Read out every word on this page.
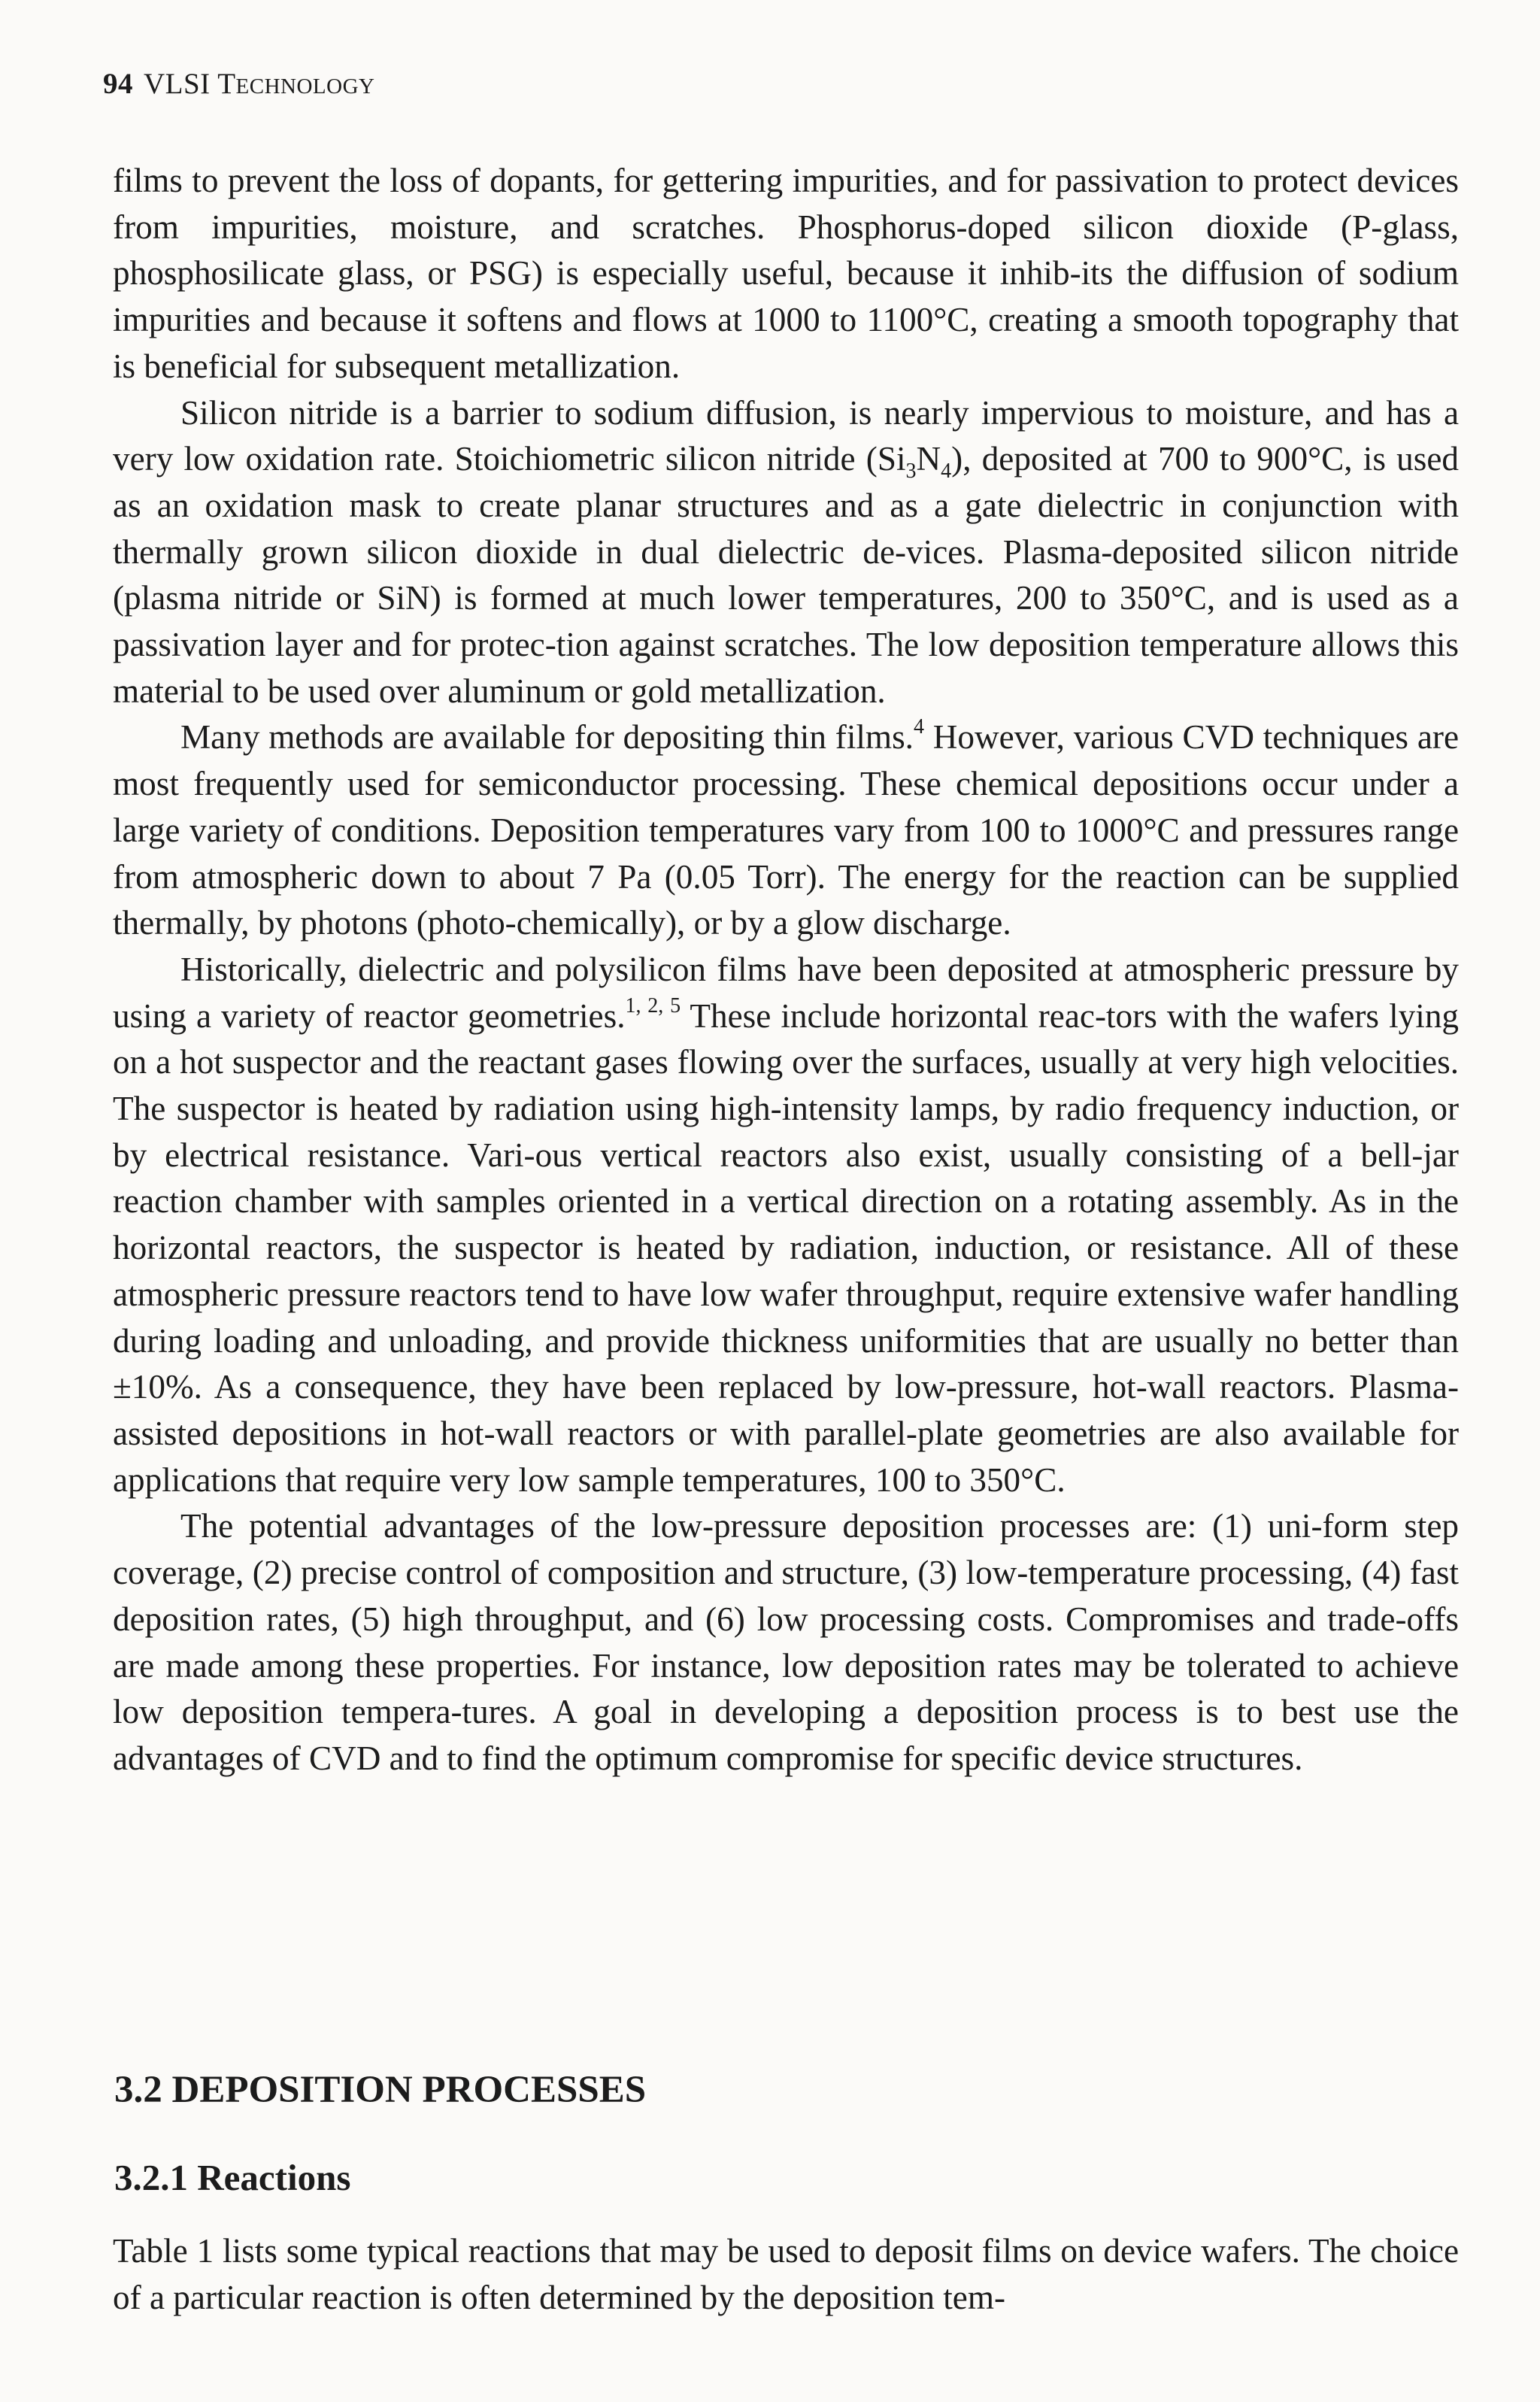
94 VLSI TECHNOLOGY

films to prevent the loss of dopants, for gettering impurities, and for passivation to protect devices from impurities, moisture, and scratches. Phosphorus-doped silicon dioxide (P-glass, phosphosilicate glass, or PSG) is especially useful, because it inhib-its the diffusion of sodium impurities and because it softens and flows at 1000 to 1100°C, creating a smooth topography that is beneficial for subsequent metallization.

Silicon nitride is a barrier to sodium diffusion, is nearly impervious to moisture, and has a very low oxidation rate. Stoichiometric silicon nitride $(Si_3N_4)$, deposited at 700 to 900°C, is used as an oxidation mask to create planar structures and as a gate dielectric in conjunction with thermally grown silicon dioxide in dual dielectric de-vices. Plasma-deposited silicon nitride (plasma nitride or SiN) is formed at much lower temperatures, 200 to 350°C, and is used as a passivation layer and for protec-tion against scratches. The low deposition temperature allows this material to be used over aluminum or gold metallization.

Many methods are available for depositing thin films.$^4$ However, various CVD techniques are most frequently used for semiconductor processing. These chemical depositions occur under a large variety of conditions. Deposition temperatures vary from 100 to 1000°C and pressures range from atmospheric down to about 7 Pa (0.05 Torr). The energy for the reaction can be supplied thermally, by photons (photo-chemically), or by a glow discharge.

Historically, dielectric and polysilicon films have been deposited at atmospheric pressure by using a variety of reactor geometries.$^{1, 2, 5}$ These include horizontal reac-tors with the wafers lying on a hot suspector and the reactant gases flowing over the surfaces, usually at very high velocities. The suspector is heated by radiation using high-intensity lamps, by radio frequency induction, or by electrical resistance. Vari-ous vertical reactors also exist, usually consisting of a bell-jar reaction chamber with samples oriented in a vertical direction on a rotating assembly. As in the horizontal reactors, the suspector is heated by radiation, induction, or resistance. All of these atmospheric pressure reactors tend to have low wafer throughput, require extensive wafer handling during loading and unloading, and provide thickness uniformities that are usually no better than ±10%. As a consequence, they have been replaced by low-pressure, hot-wall reactors. Plasma-assisted depositions in hot-wall reactors or with parallel-plate geometries are also available for applications that require very low sample temperatures, 100 to 350°C.

The potential advantages of the low-pressure deposition processes are: (1) uni-form step coverage, (2) precise control of composition and structure, (3) low-temperature processing, (4) fast deposition rates, (5) high throughput, and (6) low processing costs. Compromises and trade-offs are made among these properties. For instance, low deposition rates may be tolerated to achieve low deposition tempera-tures. A goal in developing a deposition process is to best use the advantages of CVD and to find the optimum compromise for specific device structures.

3.2 DEPOSITION PROCESSES
3.2.1 Reactions

Table 1 lists some typical reactions that may be used to deposit films on device wafers. The choice of a particular reaction is often determined by the deposition tem-
